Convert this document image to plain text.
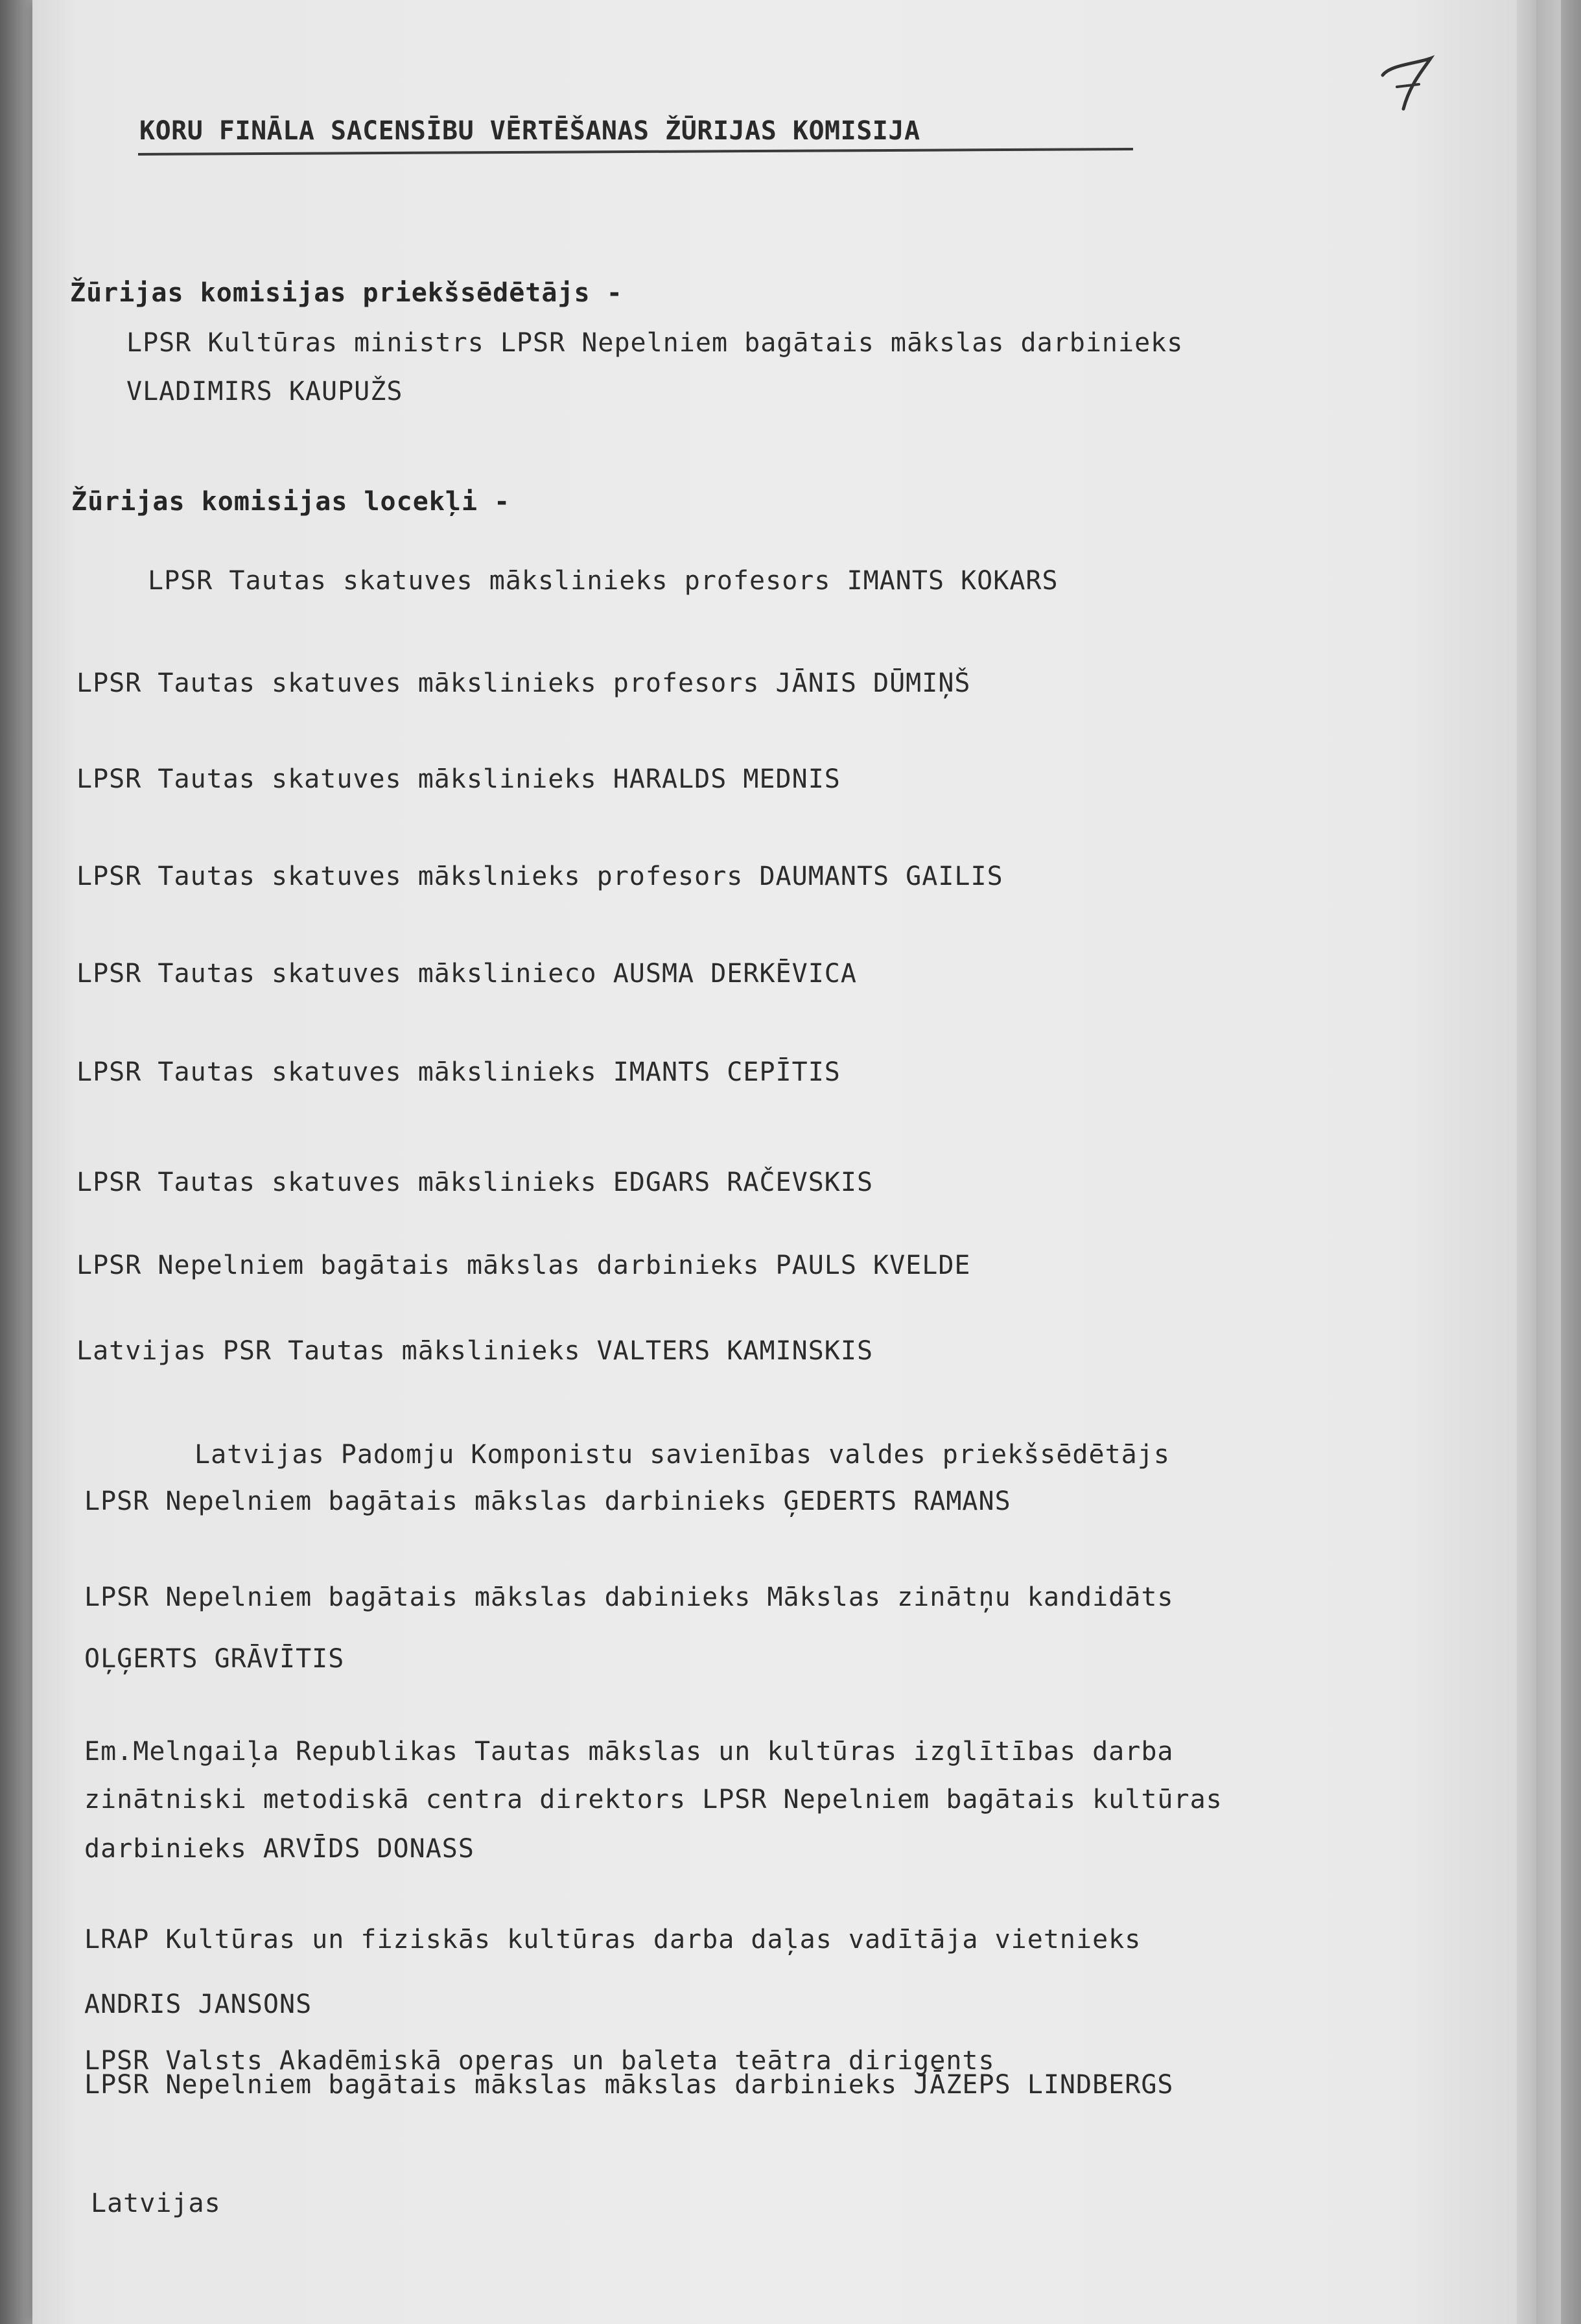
KORU FINĀLA SACENSĪBU VĒRTĒŠANAS ŽŪRIJAS KOMISIJA

Žūrijas komisijas priekšsēdētājs -

LPSR Kultūras ministrs LPSR Nepelniem bagātais mākslas darbinieks

VLADIMIRS KAUPUŽS

Žūrijas komisijas locekļi -

LPSR Tautas skatuves mākslinieks profesors IMANTS KOKARS

LPSR Tautas skatuves mākslinieks profesors JĀNIS DŪMIŅŠ

LPSR Tautas skatuves mākslinieks HARALDS MEDNIS

LPSR Tautas skatuves mākslnieks profesors DAUMANTS GAILIS

LPSR Tautas skatuves mākslinieco AUSMA DERKĒVICA

LPSR Tautas skatuves mākslinieks IMANTS CEPĪTIS

LPSR Tautas skatuves mākslinieks EDGARS RAČEVSKIS

LPSR Nepelniem bagātais mākslas darbinieks PAULS KVELDE

Latvijas PSR Tautas mākslinieks VALTERS KAMINSKIS

Latvijas Padomju Komponistu savienības valdes priekšsēdētājs

LPSR Nepelniem bagātais mākslas darbinieks ĢEDERTS RAMANS

LPSR Nepelniem bagātais mākslas dabinieks Mākslas zinātņu kandidāts

OĻĢERTS GRĀVĪTIS

Em.Melngaiļa Republikas Tautas mākslas un kultūras izglītības darba

zinātniski metodiskā centra direktors LPSR Nepelniem bagātais kultūras

darbinieks ARVĪDS DONASS

LRAP Kultūras un fiziskās kultūras darba daļas vadītāja vietnieks

ANDRIS JANSONS

LPSR Valsts Akadēmiskā operas un baleta teātra dirigents

LPSR Nepelniem bagātais mākslas mākslas darbinieks JĀZEPS LINDBERGS

Latvijas
